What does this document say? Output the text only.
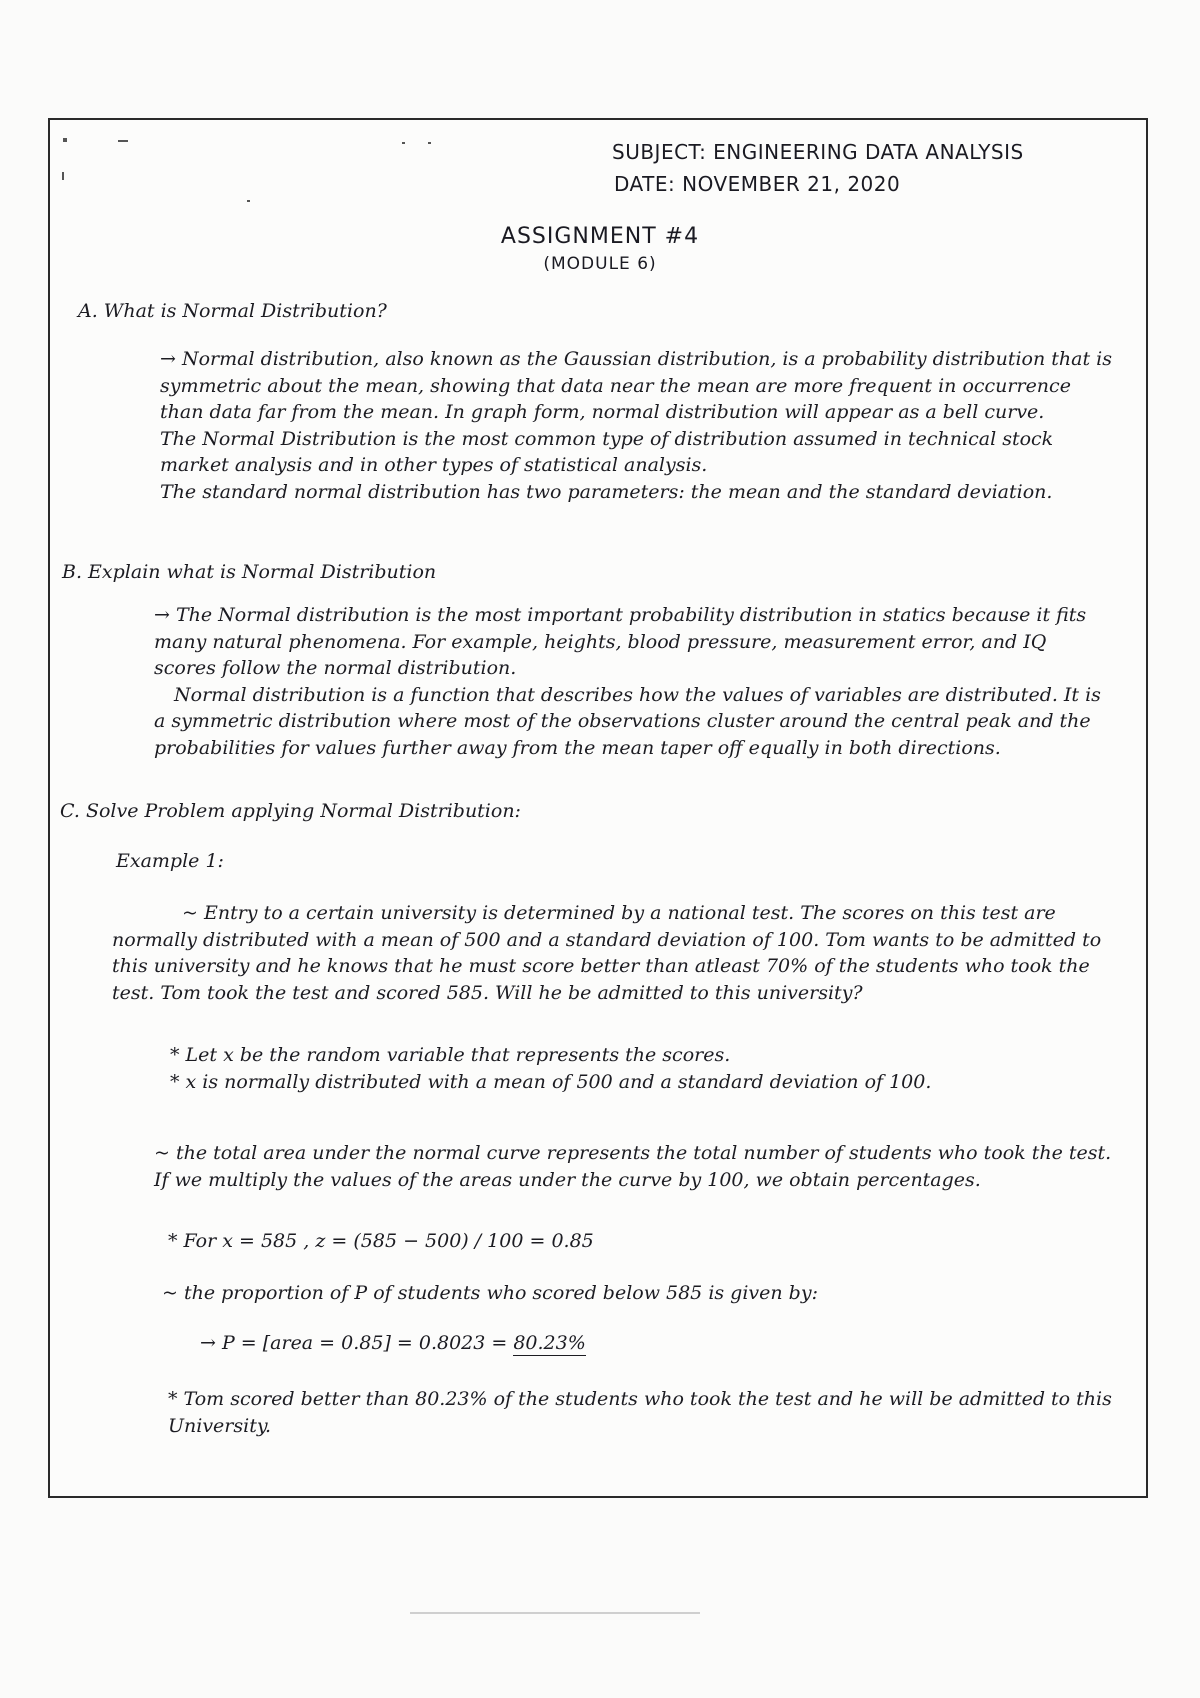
SUBJECT: ENGINEERING DATA ANALYSIS
DATE: NOVEMBER 21, 2020
ASSIGNMENT #4
(MODULE 6)
A. What is Normal Distribution?

→ Normal distribution, also known as the Gaussian distribution, is a probability distribution that is symmetric about the mean, showing that data near the mean are more frequent in occurrence than data far from the mean. In graph form, normal distribution will appear as a bell curve.

The Normal Distribution is the most common type of distribution assumed in technical stock market analysis and in other types of statistical analysis.

The standard normal distribution has two parameters: the mean and the standard deviation.

B. Explain what is Normal Distribution

→ The Normal distribution is the most important probability distribution in statics because it fits many natural phenomena. For example, heights, blood pressure, measurement error, and IQ scores follow the normal distribution.

Normal distribution is a function that describes how the values of variables are distributed. It is a symmetric distribution where most of the observations cluster around the central peak and the probabilities for values further away from the mean taper off equally in both directions.

C. Solve Problem applying Normal Distribution:
Example 1:
~ Entry to a certain university is determined by a national test. The scores on this test are normally distributed with a mean of 500 and a standard deviation of 100. Tom wants to be admitted to this university and he knows that he must score better than atleast 70% of the students who took the test. Tom took the test and scored 585. Will he be admitted to this university?

* Let x be the random variable that represents the scores.

* x is normally distributed with a mean of 500 and a standard deviation of 100.

~ the total area under the normal curve represents the total number of students who took the test. If we multiply the values of the areas under the curve by 100, we obtain percentages.
* For x = 585 , z = (585 − 500) / 100 = 0.85
~ the proportion of P of students who scored below 585 is given by:
→ P = [area = 0.85] = 0.8023 = 80.23%
* Tom scored better than 80.23% of the students who took the test and he will be admitted to this University.
